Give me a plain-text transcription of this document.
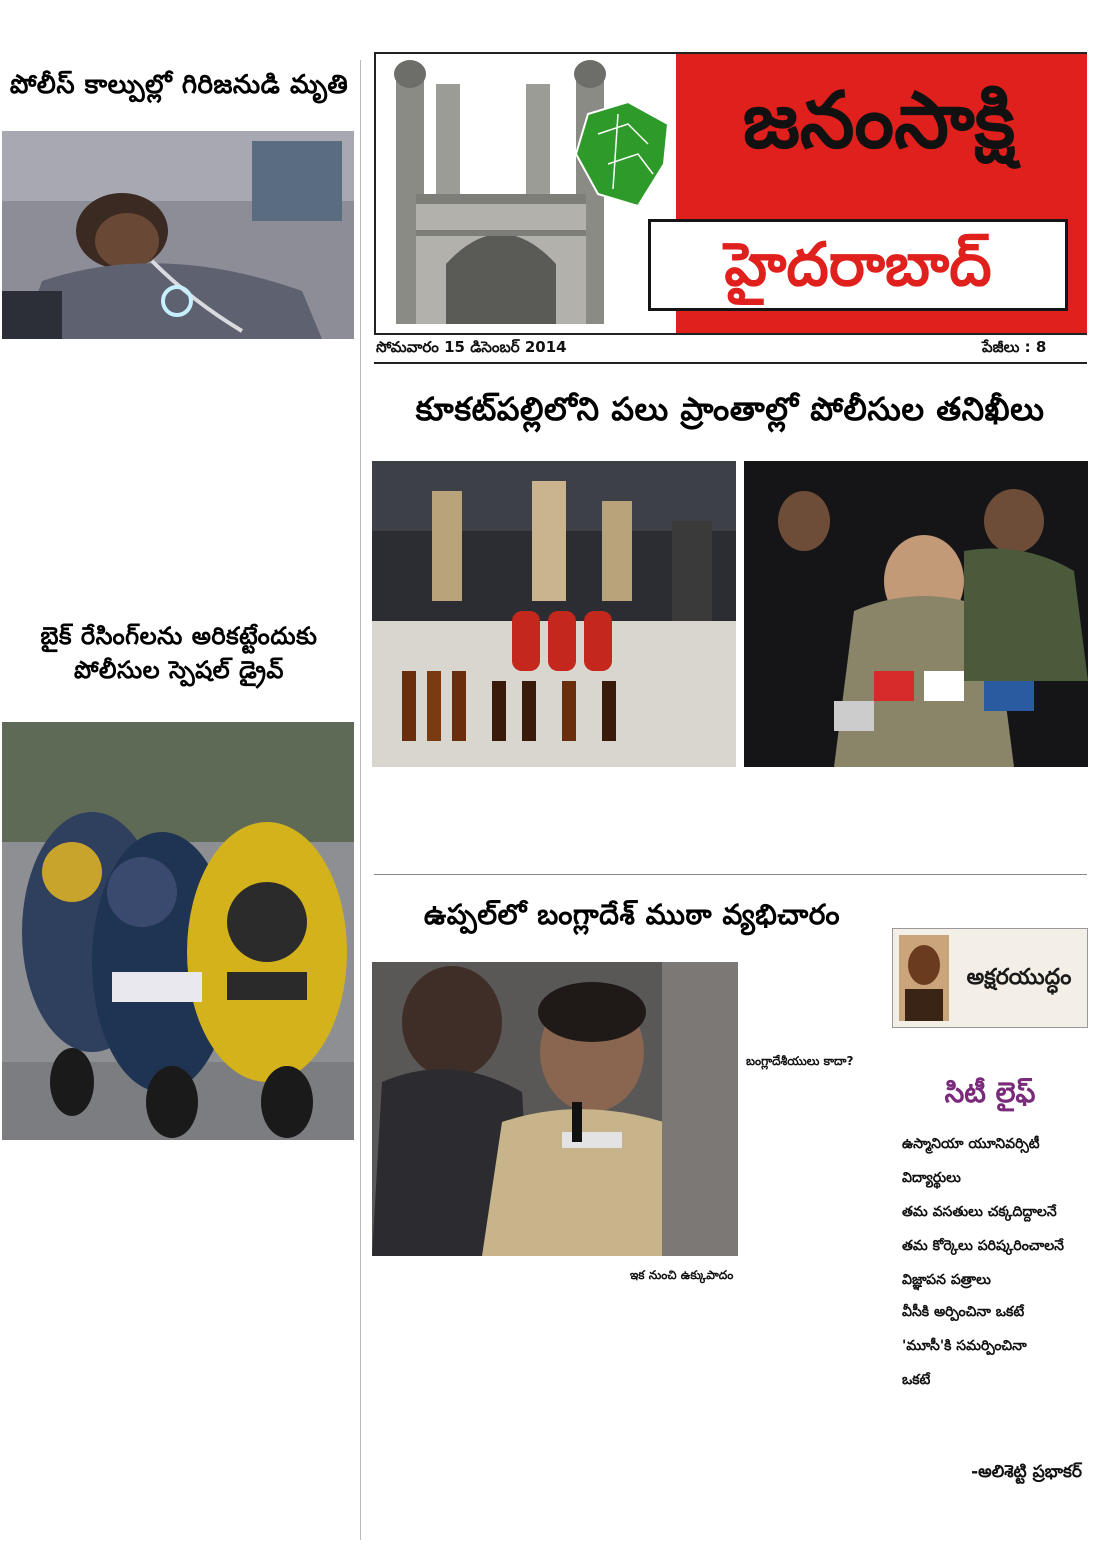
పోలీస్ కాల్పుల్లో గిరిజనుడి మృతి
బైక్ రేసింగ్‌లను అరికట్టేందుకు
పోలీసుల స్పెషల్ డ్రైవ్
జనంసాక్షి
హైదరాబాద్
సోమవారం 15 డిసెంబర్ 2014	పేజీలు : 8
కూకట్‌పల్లిలోని పలు ప్రాంతాల్లో పోలీసుల తనిఖీలు
ఉప్పల్‌లో బంగ్లాదేశ్ ముఠా వ్యభిచారం
బంగ్లాదేశీయులు కాదా?
ఇక నుంచి ఉక్కుపాదం
అక్షరయుద్ధం
సిటీ లైఫ్
ఉస్మానియా యూనివర్సిటీ
విద్యార్థులు
తమ వసతులు చక్కదిద్దాలనే
తమ కోర్కెలు పరిష్కరించాలనే
విజ్ఞాపన పత్రాలు
వీసీకి అర్పించినా ఒకటే
'మూసీ'కి సమర్పించినా
ఒకటే
-అలిశెట్టి ప్రభాకర్
